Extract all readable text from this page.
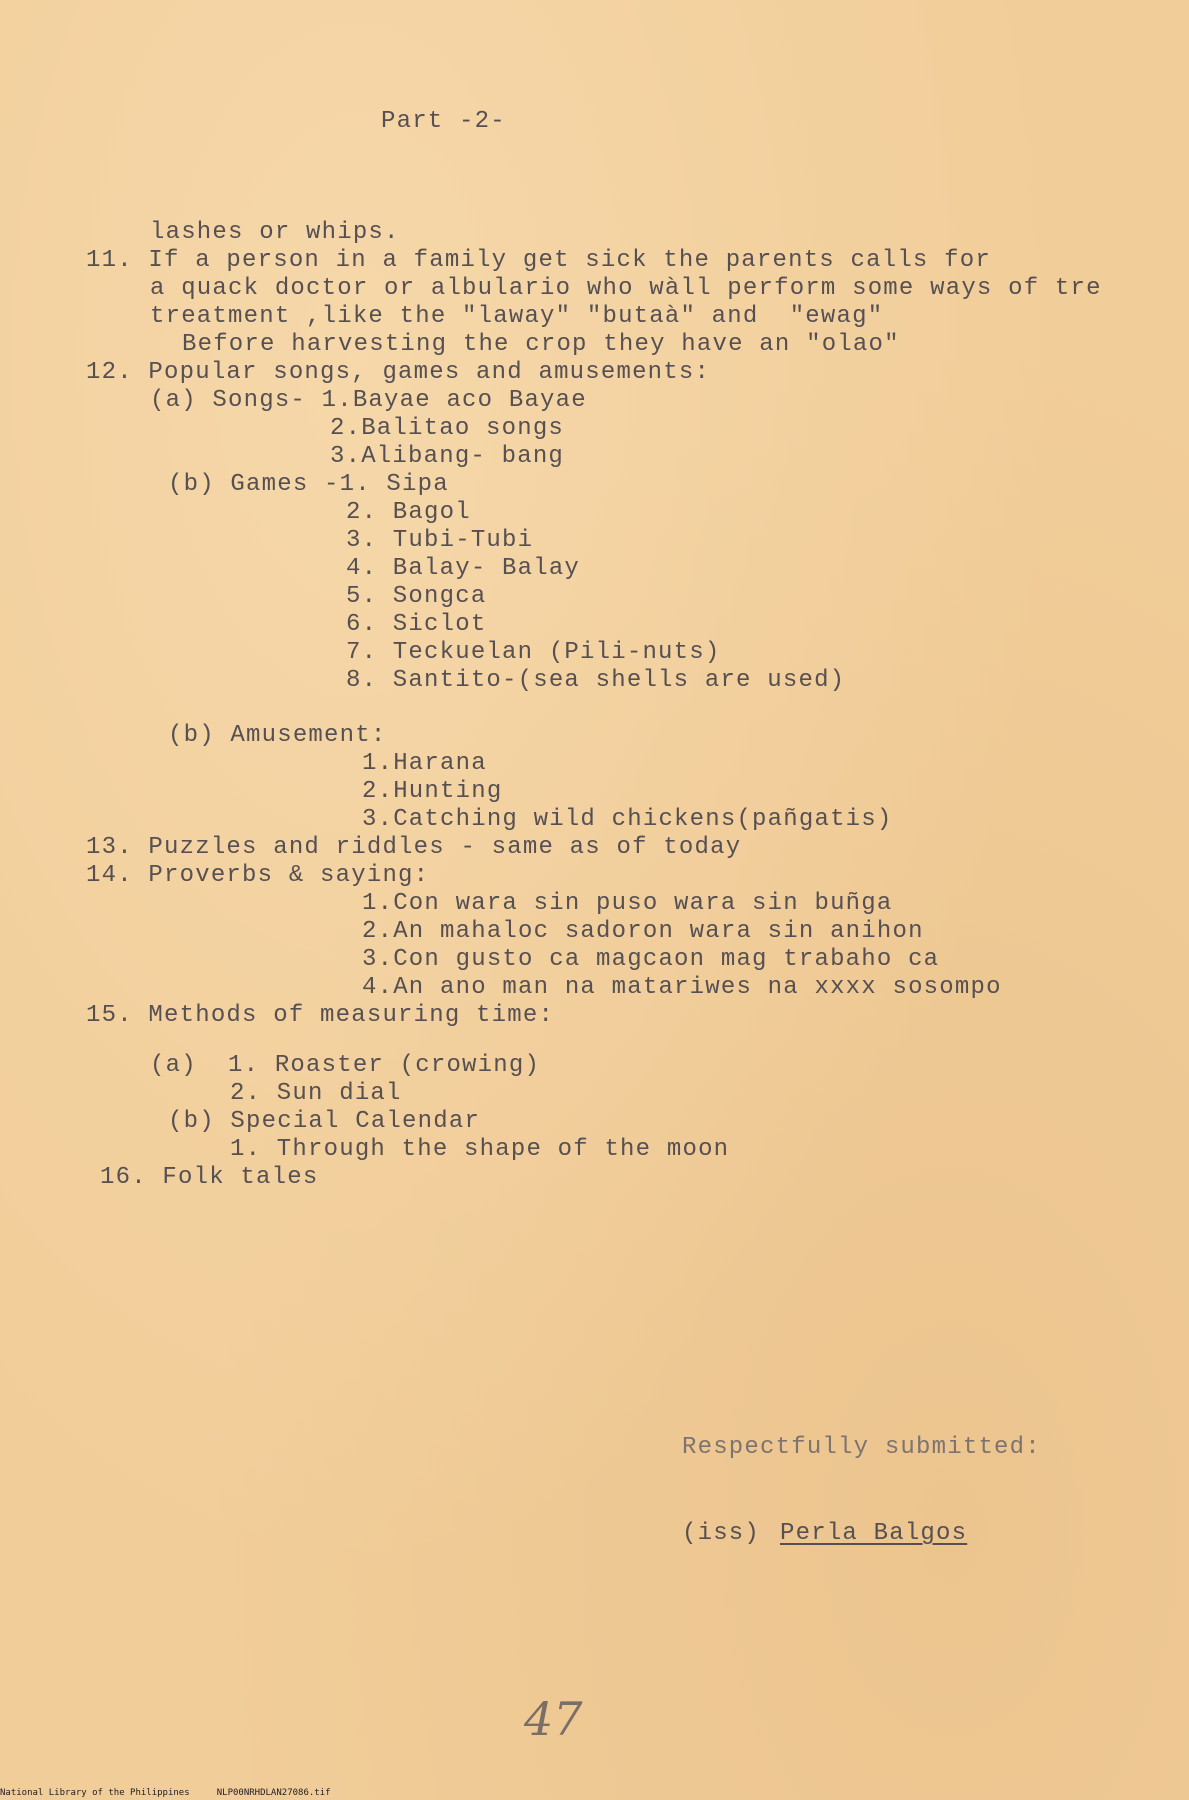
Part -2-
lashes or whips.
11. If a person in a family get sick the parents calls for
a quack doctor or albulario who wàll perform some ways of tre
treatment ,like the "laway" "butaà" and  "ewag"
Before harvesting the crop they have an "olao"
12. Popular songs, games and amusements:
(a) Songs- 1.Bayae aco Bayae
2.Balitao songs
3.Alibang- bang
(b) Games -1. Sipa
2. Bagol
3. Tubi-Tubi
4. Balay- Balay
5. Songca
6. Siclot
7. Teckuelan (Pili-nuts)
8. Santito-(sea shells are used)
(b) Amusement:
1.Harana
2.Hunting
3.Catching wild chickens(pañgatis)
13. Puzzles and riddles - same as of today
14. Proverbs & saying:
1.Con wara sin puso wara sin buñga
2.An mahaloc sadoron wara sin anihon
3.Con gusto ca magcaon mag trabaho ca
4.An ano man na matariwes na xxxx sosompo
15. Methods of measuring time:
(a)  1. Roaster (crowing)
2. Sun dial
(b) Special Calendar
1. Through the shape of the moon
16. Folk tales
Respectfully submitted:
(iss) Perla Balgos
47
National Library of the Philippines	NLP00NRHDLAN27086.tif
